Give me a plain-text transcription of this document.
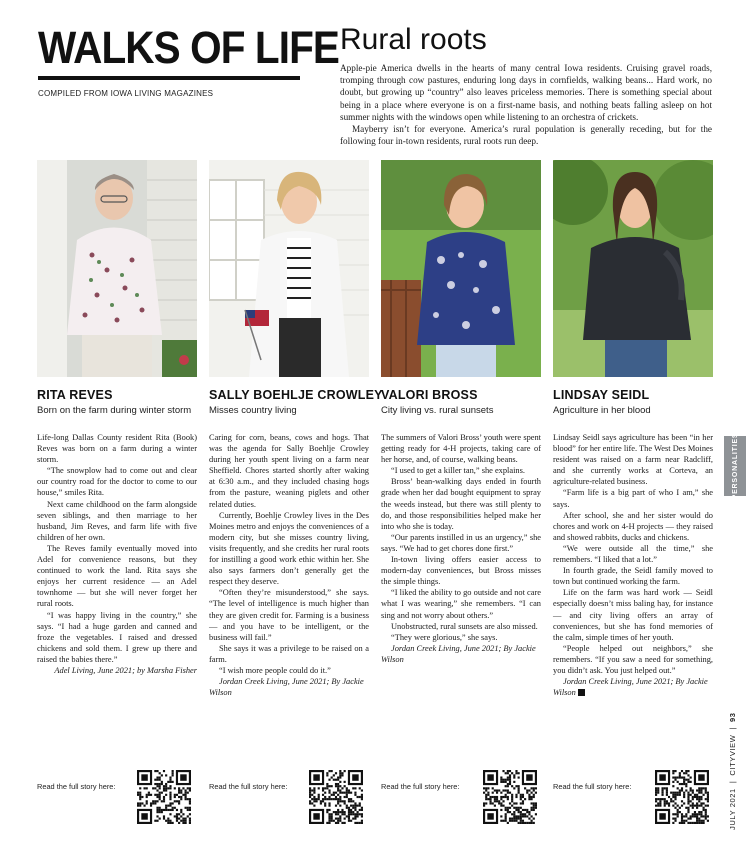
WALKS OF LIFE
COMPILED FROM IOWA LIVING MAGAZINES
Rural roots

Apple-pie America dwells in the hearts of many central Iowa residents. Cruising gravel roads, tromping through cow pastures, enduring long days in cornfields, walking beans... Hard work, no doubt, but growing up “country” also leaves priceless memories. There is something special about being in a place where everyone is on a first-name basis, and nothing beats falling asleep on hot summer nights with the windows open while listening to an orchestra of crickets.

Mayberry isn’t for everyone. America’s rural population is generally receding, but for the following four in-town residents, rural roots run deep.

RITA REVES
Born on the farm during winter storm
SALLY BOEHLJE CROWLEY
Misses country living
VALORI BROSS
City living vs. rural sunsets
LINDSAY SEIDL
Agriculture in her blood

Life-long Dallas County resident Rita (Book) Reves was born on a farm during a winter storm.

“The snowplow had to come out and clear our country road for the doctor to come to our house,” smiles Rita.

Next came childhood on the farm alongside seven siblings, and then marriage to her husband, Jim Reves, and farm life with five children of her own.

The Reves family eventually moved into Adel for convenience reasons, but they continued to work the land. Rita says she enjoys her current residence — an Adel townhome — but she will never forget her rural roots.

“I was happy living in the country,” she says. “I had a huge garden and canned and froze the vegetables. I raised and dressed chickens and sold them. I grew up there and raised the babies there.”

Adel Living, June 2021; by Marsha Fisher

Caring for corn, beans, cows and hogs. That was the agenda for Sally Boehlje Crowley during her youth spent living on a farm near Sheffield. Chores started shortly after waking at 6:30 a.m., and they included chasing hogs from the pasture, weaning piglets and other related duties.

Currently, Boehlje Crowley lives in the Des Moines metro and enjoys the conveniences of a modern city, but she misses country living, visits frequently, and she credits her rural roots for instilling a good work ethic within her. She also says farmers don’t generally get the respect they deserve.

“Often they’re misunderstood,” she says. “The level of intelligence is much higher than they are given credit for. Farming is a business — and you have to be intelligent, or the business will fail.”

She says it was a privilege to be raised on a farm.

“I wish more people could do it.”

Jordan Creek Living, June 2021; By Jackie Wilson

The summers of Valori Bross’ youth were spent getting ready for 4-H projects, taking care of her horse, and, of course, walking beans.

“I used to get a killer tan,” she explains.

Bross’ bean-walking days ended in fourth grade when her dad bought equipment to spray the weeds instead, but there was still plenty to do, and those responsibilities helped make her into who she is today.

“Our parents instilled in us an urgency,” she says. “We had to get chores done first.”

In-town living offers easier access to modern-day conveniences, but Bross misses the simple things.

“I liked the ability to go outside and not care what I was wearing,” she remembers. “I can sing and not worry about others.”

Unobstructed, rural sunsets are also missed.

“They were glorious,” she says.

Jordan Creek Living, June 2021; By Jackie Wilson

Lindsay Seidl says agriculture has been “in her blood” for her entire life. The West Des Moines resident was raised on a farm near Radcliff, and she currently works at Corteva, an agriculture-related business.

“Farm life is a big part of who I am,” she says.

After school, she and her sister would do chores and work on 4-H projects — they raised and showed rabbits, ducks and chickens.

“We were outside all the time,” she remembers. “I liked that a lot.”

In fourth grade, the Seidl family moved to town but continued working the farm.

Life on the farm was hard work — Seidl especially doesn’t miss baling hay, for instance — and city living offers an array of conveniences, but she has fond memories of the calm, simple times of her youth.

“People helped out neighbors,” she remembers. “If you saw a need for something, you didn’t ask. You just helped out.”

Jordan Creek Living, June 2021; By Jackie Wilson

Read the full story here:	Read the full story here:	Read the full story here:	Read the full story here:
PERSONALITIES
JULY 2021
|
CITYVIEW
|
93
